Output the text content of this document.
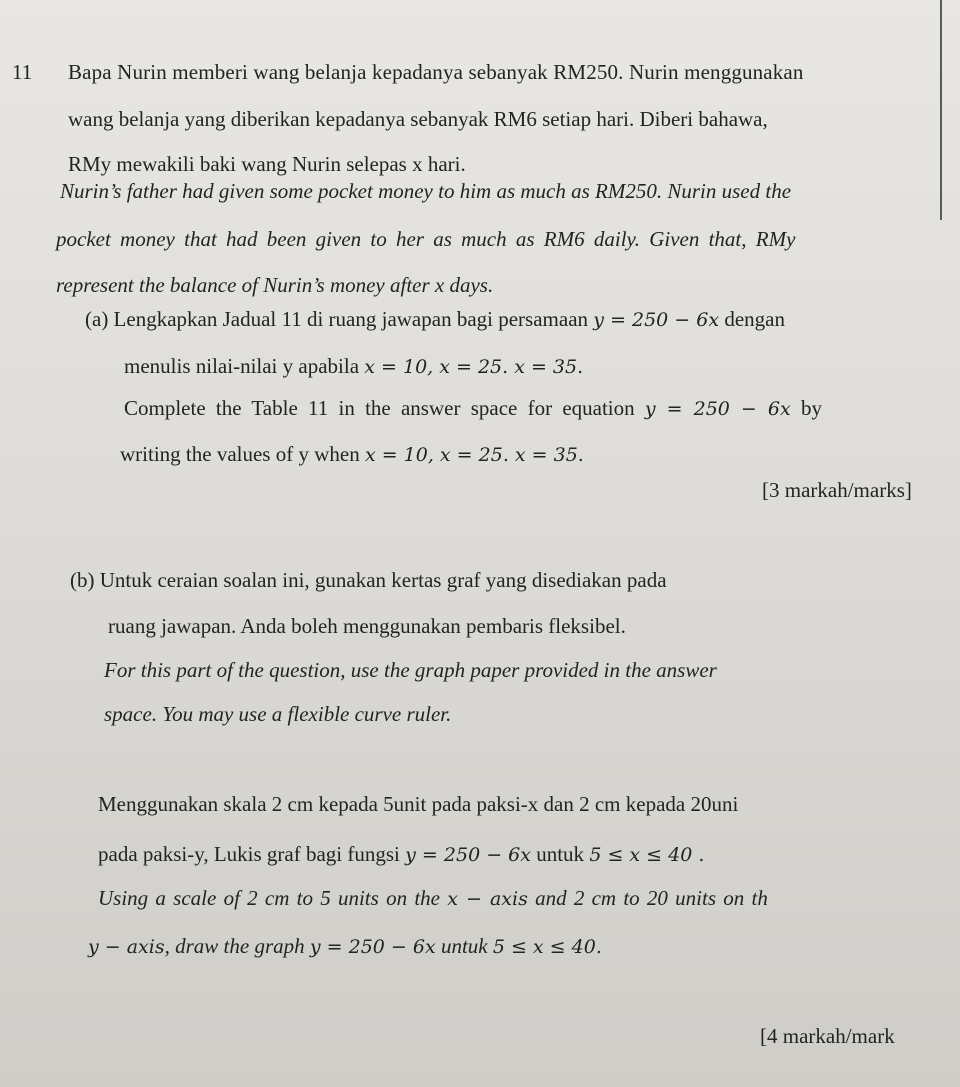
11 Bapa Nurin memberi wang belanja kepadanya sebanyak RM250. Nurin menggunakan
wang belanja yang diberikan kepadanya sebanyak RM6 setiap hari. Diberi bahawa,
RMy mewakili baki wang Nurin selepas x hari.
Nurin’s father had given some pocket money to him as much as RM250. Nurin used the
pocket money that had been given to her as much as RM6 daily. Given that, RMy
represent the balance of Nurin’s money after x days.
(a) Lengkapkan Jadual 11 di ruang jawapan bagi persamaan y = 250 − 6x dengan
menulis nilai-nilai y apabila x = 10, x = 25. x = 35.
Complete the Table 11 in the answer space for equation y = 250 − 6x by
writing the values of y when x = 10, x = 25. x = 35.
[3 markah/marks]
(b) Untuk ceraian soalan ini, gunakan kertas graf yang disediakan pada
ruang jawapan. Anda boleh menggunakan pembaris fleksibel.
For this part of the question, use the graph paper provided in the answer
space. You may use a flexible curve ruler.
Menggunakan skala 2 cm kepada 5unit pada paksi-x dan 2 cm kepada 20uni
pada paksi-y, Lukis graf bagi fungsi y = 250 − 6x untuk 5 ≤ x ≤ 40 .
Using a scale of 2 cm to 5 units on the x − axis and 2 cm to 20 units on th
y − axis, draw the graph y = 250 − 6x untuk 5 ≤ x ≤ 40.
[4 markah/mark
